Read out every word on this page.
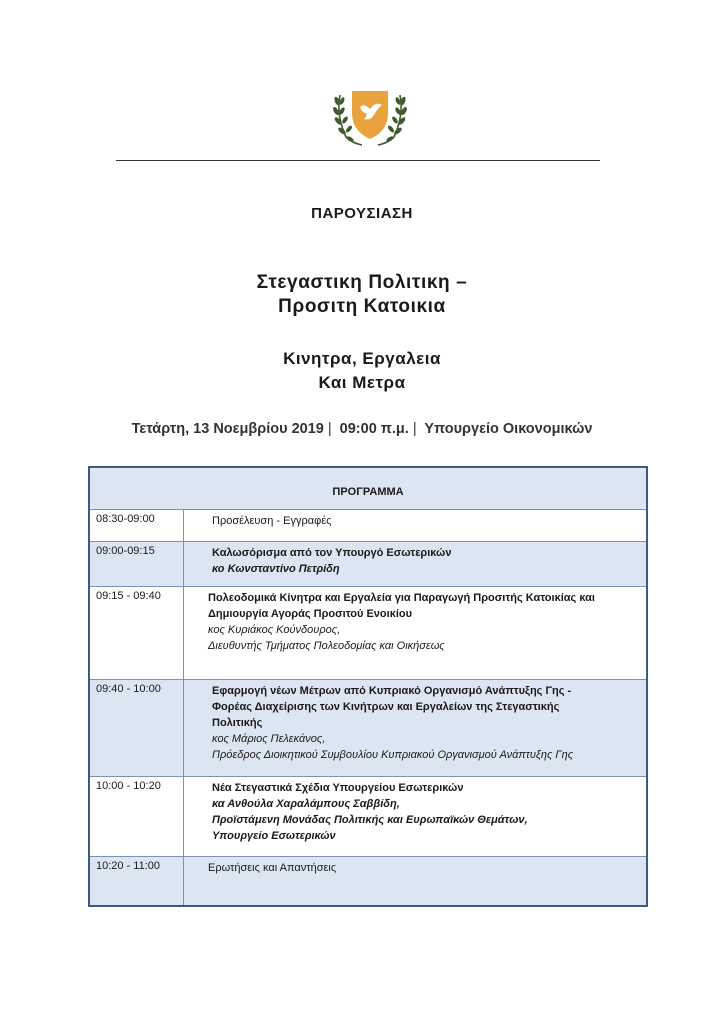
ΠΑΡΟΥΣΙΑΣΗ
Στεγαστικη Πολιτικη –
Προσιτη Κατοικια
Κινητρα, Εργαλεια
Και Μετρα
Τετάρτη, 13 Νοεμβρίου 2019 | 09:00 π.μ. | Υπουργείο Οικονομικών
ΠΡΟΓΡΑΜΜΑ
08:30-09:00	Προσέλευση - Εγγραφές
09:00-09:15	Καλωσόρισμα από τον Υπουργό Εσωτερικών
κο Κωνσταντίνο Πετρίδη
09:15 - 09:40	Πολεοδομικά Κίνητρα και Εργαλεία για Παραγωγή Προσιτής Κατοικίας και
Δημιουργία Αγοράς Προσιτού Ενοικίου
κος Κυριάκος Κούνδουρος,
Διευθυντής Τμήματος Πολεοδομίας και Οικήσεως
09:40 - 10:00	Εφαρμογή νέων Μέτρων από Κυπριακό Οργανισμό Ανάπτυξης Γης -
Φορέας Διαχείρισης των Κινήτρων και Εργαλείων της Στεγαστικής
Πολιτικής
κος Μάριος Πελεκάνος,
Πρόεδρος Διοικητικού Συμβουλίου Κυπριακού Οργανισμού Ανάπτυξης Γης
10:00 - 10:20	Νέα Στεγαστικά Σχέδια Υπουργείου Εσωτερικών
κα Ανθούλα Χαραλάμπους Σαββίδη,
Προϊστάμενη Μονάδας Πολιτικής και Ευρωπαϊκών Θεμάτων,
Υπουργείο Εσωτερικών
10:20 - 11:00	Ερωτήσεις και Απαντήσεις
